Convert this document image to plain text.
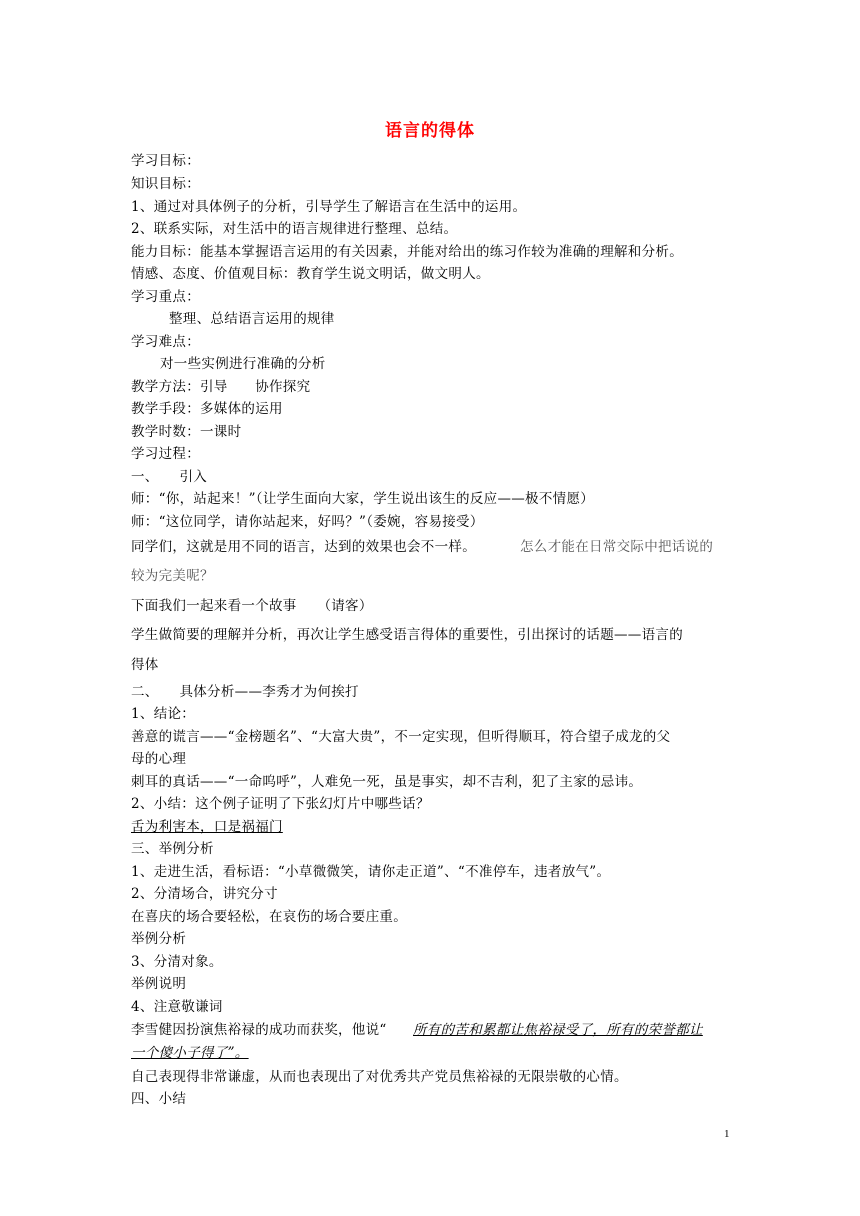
语言的得体
学习目标：
知识目标：
1、通过对具体例子的分析，引导学生了解语言在生活中的运用。
2、联系实际，对生活中的语言规律进行整理、总结。
能力目标：能基本掌握语言运用的有关因素，并能对给出的练习作较为准确的理解和分析。
情感、态度、价值观目标：教育学生说文明话，做文明人。
学习重点：
整理、总结语言运用的规律
学习难点：
对一些实例进行准确的分析
教学方法：引导　　协作探究
教学手段：多媒体的运用
教学时数：一课时
学习过程：
一、　　引入
师：“你，站起来！”（让学生面向大家，学生说出该生的反应——极不情愿）
师：“这位同学，请你站起来，好吗？”（委婉，容易接受）
同学们，这就是用不同的语言，达到的效果也会不一样。	怎么才能在日常交际中把话说的
较为完美呢？
下面我们一起来看一个故事　　（请客）
学生做简要的理解并分析，再次让学生感受语言得体的重要性，引出探讨的话题——语言的
得体
二、　　具体分析——李秀才为何挨打
1、结论：
善意的谎言——“金榜题名”、“大富大贵”，不一定实现，但听得顺耳，符合望子成龙的父
母的心理
刺耳的真话——“一命呜呼”，人难免一死，虽是事实，却不吉利，犯了主家的忌讳。
2、小结：这个例子证明了下张幻灯片中哪些话？
舌为利害本，口是祸福门
三、举例分析
1、走进生活，看标语：“小草微微笑，请你走正道”、“不准停车，违者放气”。
2、分清场合，讲究分寸
在喜庆的场合要轻松，在哀伤的场合要庄重。
举例分析
3、分清对象。
举例说明
4、注意敬谦词
李雪健因扮演焦裕禄的成功而获奖，他说“ 所有的苦和累都让焦裕禄受了，所有的荣誉都让
一个傻小子得了”。
自己表现得非常谦虚，从而也表现出了对优秀共产党员焦裕禄的无限崇敬的心情。
四、小结
1
